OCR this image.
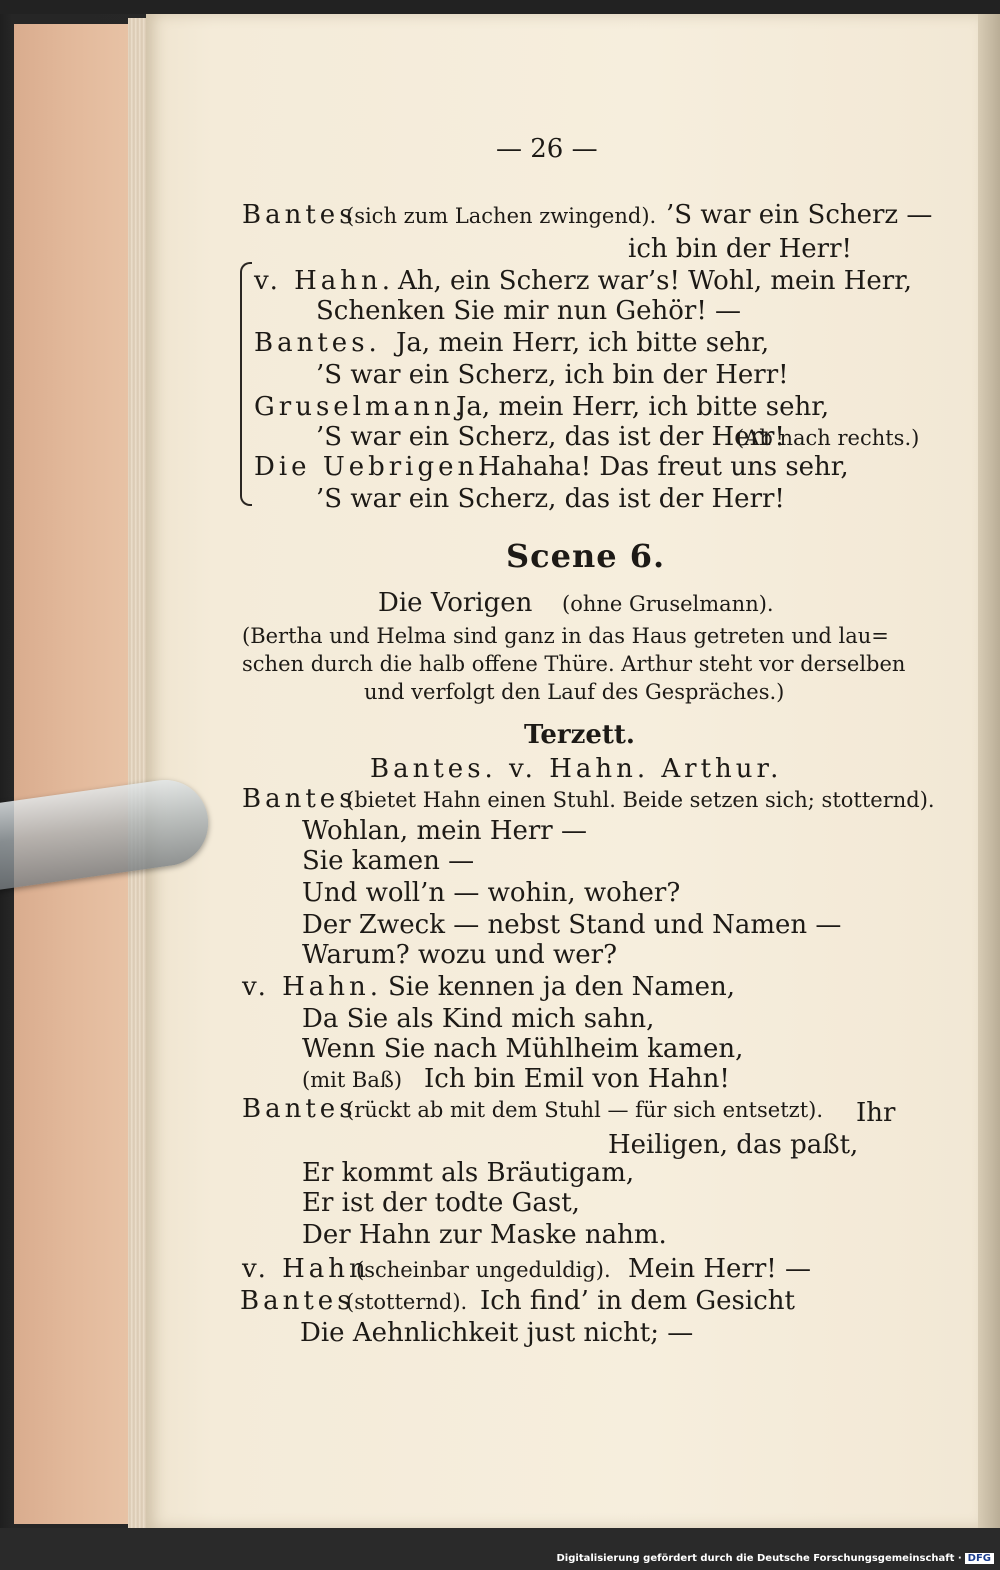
— 26 —
Bantes
(sich zum Lachen zwingend). ’S war ein Scherz —
ich bin der Herr!
v. Hahn. Ah, ein Scherz war’s! Wohl, mein Herr,
Schenken Sie mir nun Gehör! —
Bantes. Ja, mein Herr, ich bitte sehr,
’S war ein Scherz, ich bin der Herr!
Gruselmann.
Ja, mein Herr, ich bitte sehr,
’S war ein Scherz, das ist der Herr!
(Ab nach rechts.)
Die Uebrigen.
Hahaha! Das freut uns sehr,
’S war ein Scherz, das ist der Herr!
Scene 6.
Die Vorigen (ohne Gruselmann).
(Bertha und Helma sind ganz in das Haus getreten und lau=
schen durch die halb offene Thüre. Arthur steht vor derselben
und verfolgt den Lauf des Gespräches.)
Terzett.
Bantes. v. Hahn. Arthur.
Bantes
(bietet Hahn einen Stuhl. Beide setzen sich; stotternd).
Wohlan, mein Herr —
Sie kamen —
Und woll’n — wohin, woher?
Der Zweck — nebst Stand und Namen —
Warum? wozu und wer?
v. Hahn. Sie kennen ja den Namen,
Da Sie als Kind mich sahn,
Wenn Sie nach Mühlheim kamen,
(mit Baß) Ich bin Emil von Hahn!
Bantes
(rückt ab mit dem Stuhl — für sich entsetzt). Ihr
Heiligen, das paßt,
Er kommt als Bräutigam,
Er ist der todte Gast,
Der Hahn zur Maske nahm.
v. Hahn
(scheinbar ungeduldig). Mein Herr! —
Bantes
(stotternd). Ich find’ in dem Gesicht
Die Aehnlichkeit just nicht; —
Digitalisierung gefördert durch die Deutsche Forschungsgemeinschaft · DFG
